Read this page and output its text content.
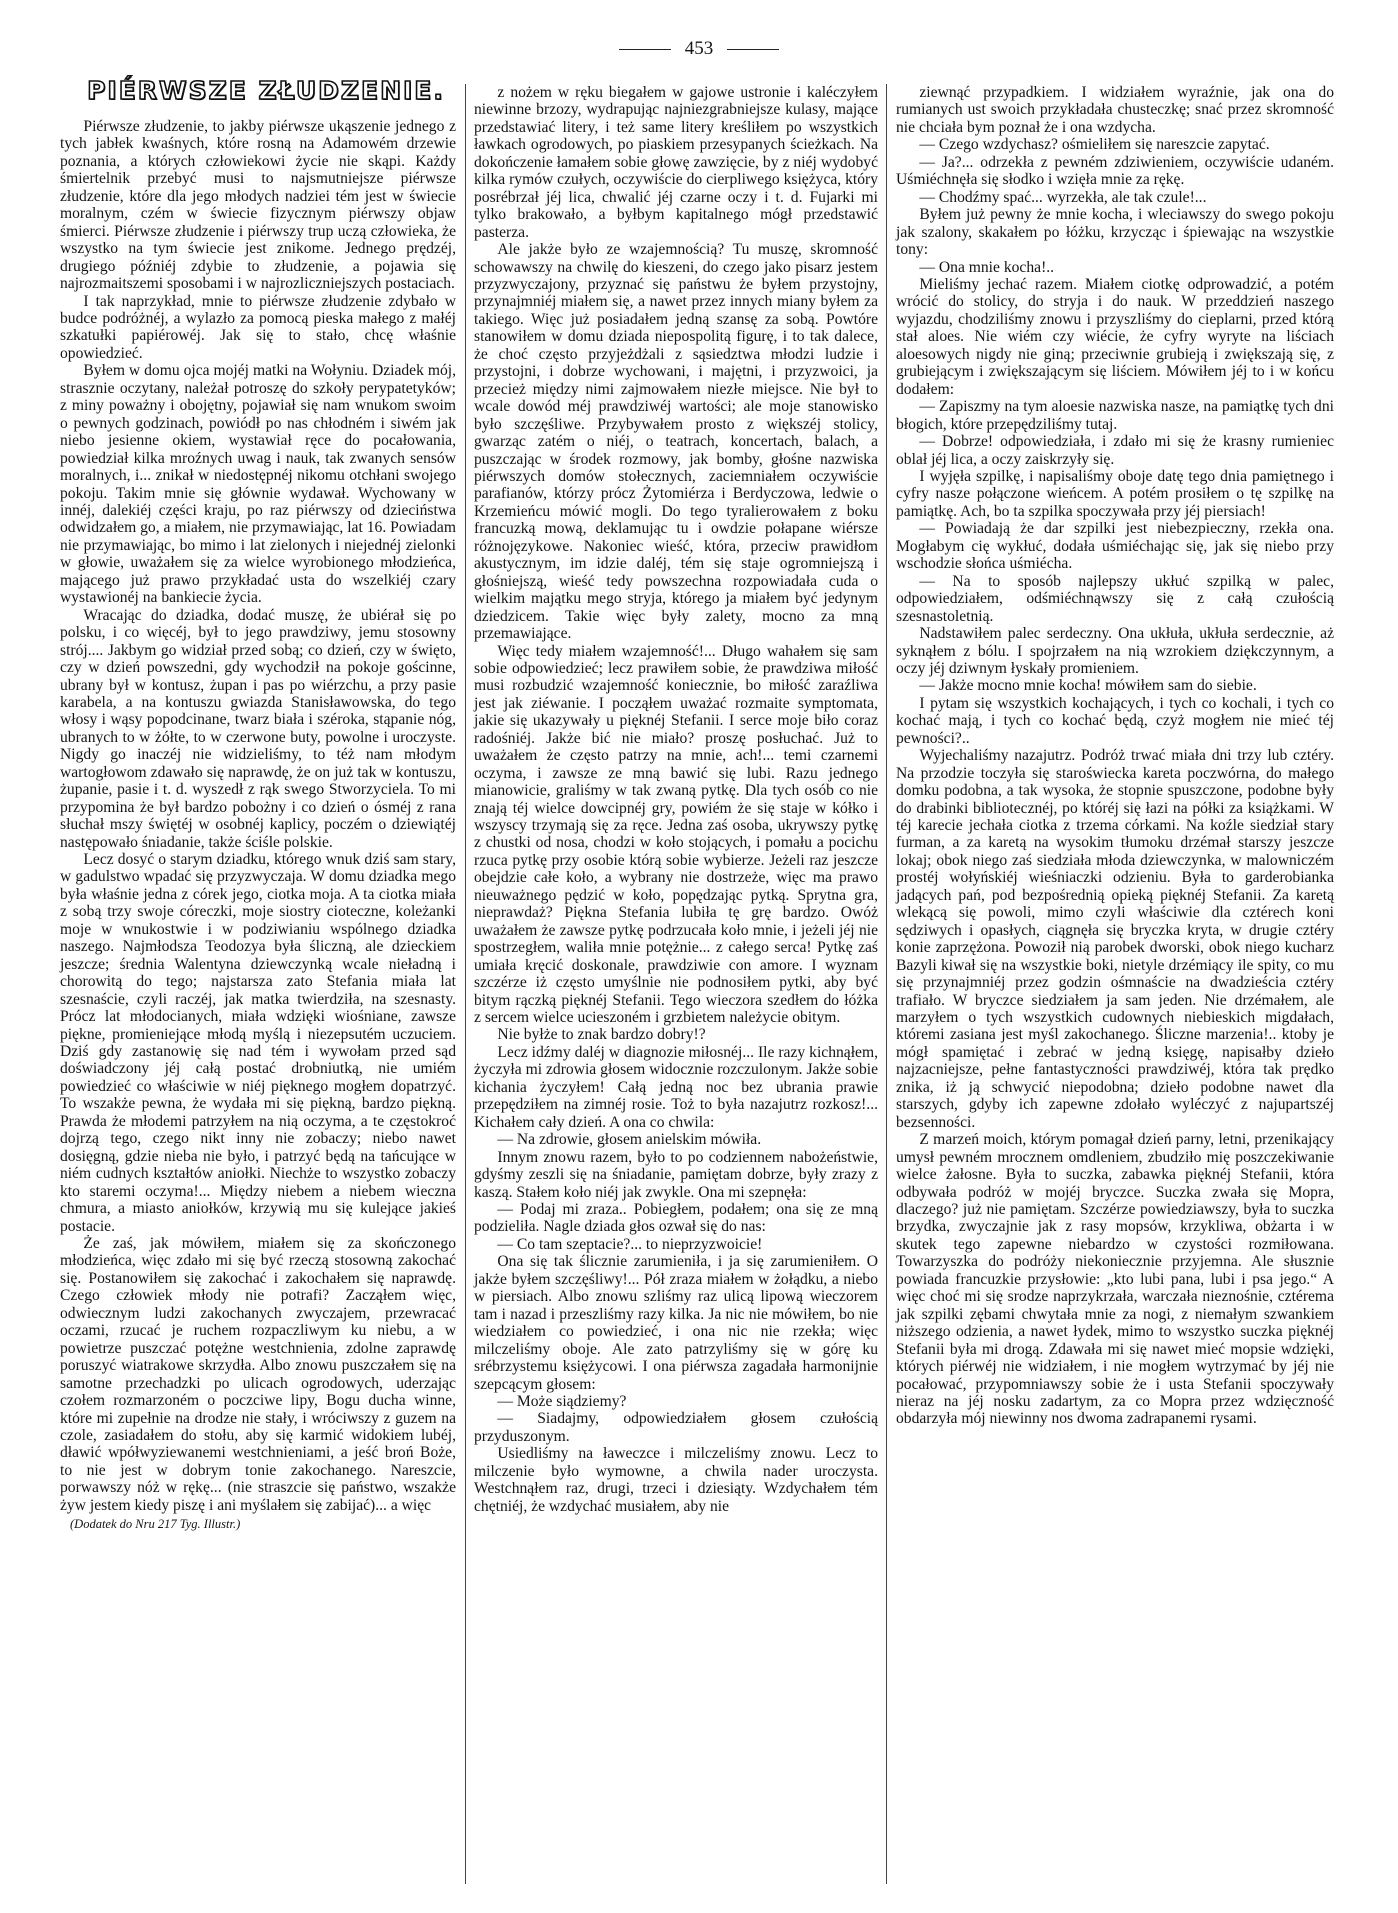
453
PIÉRWSZE ZŁUDZENIE.

Piérwsze złudzenie, to jakby piérwsze ukąszenie jednego z tych jabłek kwaśnych, które rosną na Adamowém drzewie poznania, a których człowiekowi życie nie skąpi. Każdy śmiertelnik przebyć musi to najsmutniejsze piérwsze złudzenie, które dla jego młodych nadziei tém jest w świecie moralnym, czém w świecie fizycznym piérwszy objaw śmierci. Piérwsze złudzenie i piérwszy trup uczą człowieka, że wszystko na tym świecie jest znikome. Jednego prędzéj, drugiego późniéj zdybie to złudzenie, a pojawia się najrozmaitszemi sposobami i w najrozliczniejszych postaciach.

I tak naprzykład, mnie to piérwsze złudzenie zdybało w budce podróżnéj, a wylazło za pomocą pieska małego z małéj szkatułki papiérowéj. Jak się to stało, chcę właśnie opowiedzieć.

Byłem w domu ojca mojéj matki na Wołyniu. Dziadek mój, strasznie oczytany, należał potroszę do szkoły perypatetyków; z miny poważny i obojętny, pojawiał się nam wnukom swoim o pewnych godzinach, powiódł po nas chłodném i siwém jak niebo jesienne okiem, wystawiał ręce do pocałowania, powiedział kilka mroźnych uwag i nauk, tak zwanych sensów moralnych, i... znikał w niedostępnéj nikomu otchłani swojego pokoju. Takim mnie się głównie wydawał. Wychowany w innéj, dalekiéj części kraju, po raz piérwszy od dzieciństwa odwidzałem go, a miałem, nie przymawiając, lat 16. Powiadam nie przymawiając, bo mimo i lat zielonych i niejednéj zielonki w głowie, uważałem się za wielce wyrobionego młodzieńca, mającego już prawo przykładać usta do wszelkiéj czary wystawionéj na bankiecie życia.

Wracając do dziadka, dodać muszę, że ubiérał się po polsku, i co więcéj, był to jego prawdziwy, jemu stosowny strój.... Jakbym go widział przed sobą; co dzień, czy w święto, czy w dzień powszedni, gdy wychodził na pokoje gościnne, ubrany był w kontusz, żupan i pas po wiérzchu, a przy pasie karabela, a na kontuszu gwiazda Stanisławowska, do tego włosy i wąsy popodcinane, twarz biała i széroka, stąpanie nóg, ubranych to w żółte, to w czerwone buty, powolne i uroczyste. Nigdy go inaczéj nie widzieliśmy, to téż nam młodym wartogłowom zdawało się naprawdę, że on już tak w kontuszu, żupanie, pasie i t. d. wyszedł z rąk swego Stworzyciela. To mi przypomina że był bardzo pobożny i co dzień o ósméj z rana słuchał mszy świętéj w osobnéj kaplicy, poczém o dziewiątéj następowało śniadanie, także ściśle polskie.

Lecz dosyć o starym dziadku, którego wnuk dziś sam stary, w gadulstwo wpadać się przyzwyczaja. W domu dziadka mego była właśnie jedna z córek jego, ciotka moja. A ta ciotka miała z sobą trzy swoje córeczki, moje siostry cioteczne, koleżanki moje w wnukostwie i w podziwianiu wspólnego dziadka naszego. Najmłodsza Teodozya była śliczną, ale dzieckiem jeszcze; średnia Walentyna dziewczynką wcale nieładną i chorowitą do tego; najstarsza zato Stefania miała lat szesnaście, czyli raczéj, jak matka twierdziła, na szesnasty. Prócz lat młodocianych, miała wdzięki wiośniane, zawsze piękne, promieniejące młodą myślą i niezepsutém uczuciem. Dziś gdy zastanowię się nad tém i wywołam przed sąd doświadczony jéj całą postać drobniutką, nie umiém powiedzieć co właściwie w niéj pięknego mogłem dopatrzyć. To wszakże pewna, że wydała mi się piękną, bardzo piękną. Prawda że młodemi patrzyłem na nią oczyma, a te częstokroć dojrzą tego, czego nikt inny nie zobaczy; niebo nawet dosięgną, gdzie nieba nie było, i patrzyć będą na tańcujące w niém cudnych kształtów aniołki. Niechże to wszystko zobaczy kto staremi oczyma!... Między niebem a niebem wieczna chmura, a miasto aniołków, krzywią mu się kulejące jakieś postacie.

Że zaś, jak mówiłem, miałem się za skończonego młodzieńca, więc zdało mi się być rzeczą stosowną zakochać się. Postanowiłem się zakochać i zakochałem się naprawdę. Czego człowiek młody nie potrafi? Zacząłem więc, odwiecznym ludzi zakochanych zwyczajem, przewracać oczami, rzucać je ruchem rozpaczliwym ku niebu, a w powietrze puszczać potężne westchnienia, zdolne zaprawdę poruszyć wiatrakowe skrzydła. Albo znowu puszczałem się na samotne przechadzki po ulicach ogrodowych, uderzając czołem rozmarzoném o poczciwe lipy, Bogu ducha winne, które mi zupełnie na drodze nie stały, i wróciwszy z guzem na czole, zasiadałem do stołu, aby się karmić widokiem lubéj, dławić wpółwyziewanemi westchnieniami, a jeść broń Boże, to nie jest w dobrym tonie zakochanego. Nareszcie, porwawszy nóż w rękę... (nie straszcie się państwo, wszakże żyw jestem kiedy piszę i ani myślałem się zabijać)... a więc

(Dodatek do Nru 217 Tyg. Illustr.)

z nożem w ręku biegałem w gajowe ustronie i kaléczyłem niewinne brzozy, wydrapując najniezgrabniejsze kulasy, mające przedstawiać litery, i też same litery kreśliłem po wszystkich ławkach ogrodowych, po piaskiem przesypanych ścieżkach. Na dokończenie łamałem sobie głowę zawzięcie, by z niéj wydobyć kilka rymów czułych, oczywiście do cierpliwego księżyca, który posrébrzał jéj lica, chwalić jéj czarne oczy i t. d. Fujarki mi tylko brakowało, a byłbym kapitalnego mógł przedstawić pasterza.

Ale jakże było ze wzajemnością? Tu muszę, skromność schowawszy na chwilę do kieszeni, do czego jako pisarz jestem przyzwyczajony, przyznać się państwu że byłem przystojny, przynajmniéj miałem się, a nawet przez innych miany byłem za takiego. Więc już posiadałem jedną szansę za sobą. Powtóre stanowiłem w domu dziada niepospolitą figurę, i to tak dalece, że choć często przyjeżdżali z sąsiedztwa młodzi ludzie i przystojni, i dobrze wychowani, i majętni, i przyzwoici, ja przecież między nimi zajmowałem niezłe miejsce. Nie był to wcale dowód méj prawdziwéj wartości; ale moje stanowisko było szczęśliwe. Przybywałem prosto z większéj stolicy, gwarząc zatém o niéj, o teatrach, koncertach, balach, a puszczając w środek rozmowy, jak bomby, głośne nazwiska piérwszych domów stołecznych, zaciemniałem oczywiście parafianów, którzy prócz Żytomiérza i Berdyczowa, ledwie o Krzemieńcu mówić mogli. Do tego tyralierowałem z boku francuzką mową, deklamując tu i owdzie połapane wiérsze różnojęzykowe. Nakoniec wieść, która, przeciw prawidłom akustycznym, im idzie daléj, tém się staje ogromniejszą i głośniejszą, wieść tedy powszechna rozpowiadała cuda o wielkim majątku mego stryja, którego ja miałem być jedynym dziedzicem. Takie więc były zalety, mocno za mną przemawiające.

Więc tedy miałem wzajemność!... Długo wahałem się sam sobie odpowiedzieć; lecz prawiłem sobie, że prawdziwa miłość musi rozbudzić wzajemność koniecznie, bo miłość zaraźliwa jest jak ziéwanie. I począłem uważać rozmaite symptomata, jakie się ukazywały u pięknéj Stefanii. I serce moje biło coraz radośniéj. Jakże bić nie miało? proszę posłuchać. Już to uważałem że często patrzy na mnie, ach!... temi czarnemi oczyma, i zawsze ze mną bawić się lubi. Razu jednego mianowicie, graliśmy w tak zwaną pytkę. Dla tych osób co nie znają téj wielce dowcipnéj gry, powiém że się staje w kółko i wszyscy trzymają się za ręce. Jedna zaś osoba, ukrywszy pytkę z chustki od nosa, chodzi w koło stojących, i pomału a pocichu rzuca pytkę przy osobie którą sobie wybierze. Jeżeli raz jeszcze obejdzie całe koło, a wybrany nie dostrzeże, więc ma prawo nieuważnego pędzić w koło, popędzając pytką. Sprytna gra, nieprawdaż? Piękna Stefania lubiła tę grę bardzo. Owóż uważałem że zawsze pytkę podrzucała koło mnie, i jeżeli jéj nie spostrzegłem, waliła mnie potężnie... z całego serca! Pytkę zaś umiała kręcić doskonale, prawdziwie con amore. I wyznam szczérze iż często umyślnie nie podnosiłem pytki, aby być bitym rączką pięknéj Stefanii. Tego wieczora szedłem do łóżka z sercem wielce ucieszoném i grzbietem należycie obitym.

Nie byłże to znak bardzo dobry!?

Lecz idźmy daléj w diagnozie miłosnéj... Ile razy kichnąłem, życzyła mi zdrowia głosem widocznie rozczulonym. Jakże sobie kichania życzyłem! Całą jedną noc bez ubrania prawie przepędziłem na zimnéj rosie. Toż to była nazajutrz rozkosz!... Kichałem cały dzień. A ona co chwila:

— Na zdrowie, głosem anielskim mówiła.

Innym znowu razem, było to po codziennem nabożeństwie, gdyśmy zeszli się na śniadanie, pamiętam dobrze, były zrazy z kaszą. Stałem koło niéj jak zwykle. Ona mi szepnęła:

— Podaj mi zraza.. Pobiegłem, podałem; ona się ze mną podzieliła. Nagle dziada głos ozwał się do nas:

— Co tam szeptacie?... to nieprzyzwoicie!

Ona się tak ślicznie zarumieniła, i ja się zarumieniłem. O jakże byłem szczęśliwy!... Pół zraza miałem w żołądku, a niebo w piersiach. Albo znowu szliśmy raz ulicą lipową wieczorem tam i nazad i przeszliśmy razy kilka. Ja nic nie mówiłem, bo nie wiedziałem co powiedzieć, i ona nic nie rzekła; więc milczeliśmy oboje. Ale zato patrzyliśmy się w górę ku srébrzystemu księżycowi. I ona piérwsza zagadała harmonijnie szepcącym głosem:

— Może siądziemy?

— Siadajmy, odpowiedziałem głosem czułością przyduszonym.

Usiedliśmy na ławeczce i milczeliśmy znowu. Lecz to milczenie było wymowne, a chwila nader uroczysta. Westchnąłem raz, drugi, trzeci i dziesiąty. Wzdychałem tém chętniéj, że wzdychać musiałem, aby nie

ziewnąć przypadkiem. I widziałem wyraźnie, jak ona do rumianych ust swoich przykładała chusteczkę; snać przez skromność nie chciała bym poznał że i ona wzdycha.

— Czego wzdychasz? ośmieliłem się nareszcie zapytać.

— Ja?... odrzekła z pewném zdziwieniem, oczywiście udaném. Uśmiéchnęła się słodko i wzięła mnie za rękę.

— Chodźmy spać... wyrzekła, ale tak czule!...

Byłem już pewny że mnie kocha, i wleciawszy do swego pokoju jak szalony, skakałem po łóżku, krzycząc i śpiewając na wszystkie tony:

— Ona mnie kocha!..

Mieliśmy jechać razem. Miałem ciotkę odprowadzić, a potém wrócić do stolicy, do stryja i do nauk. W przeddzień naszego wyjazdu, chodziliśmy znowu i przyszliśmy do cieplarni, przed którą stał aloes. Nie wiém czy wiécie, że cyfry wyryte na liściach aloesowych nigdy nie giną; przeciwnie grubieją i zwiększają się, z grubiejącym i zwiększającym się liściem. Mówiłem jéj to i w końcu dodałem:

— Zapiszmy na tym aloesie nazwiska nasze, na pamiątkę tych dni błogich, które przepędziliśmy tutaj.

— Dobrze! odpowiedziała, i zdało mi się że krasny rumieniec oblał jéj lica, a oczy zaiskrzyły się.

I wyjęła szpilkę, i napisaliśmy oboje datę tego dnia pamiętnego i cyfry nasze połączone wieńcem. A potém prosiłem o tę szpilkę na pamiątkę. Ach, bo ta szpilka spoczywała przy jéj piersiach!

— Powiadają że dar szpilki jest niebezpieczny, rzekła ona. Mogłabym cię wykłuć, dodała uśmiéchając się, jak się niebo przy wschodzie słońca uśmiécha.

— Na to sposób najlepszy ukłuć szpilką w palec, odpowiedziałem, odśmiéchnąwszy się z całą czułością szesnastoletnią.

Nadstawiłem palec serdeczny. Ona ukłuła, ukłuła serdecznie, aż syknąłem z bólu. I spojrzałem na nią wzrokiem dziękczynnym, a oczy jéj dziwnym łyskały promieniem.

— Jakże mocno mnie kocha! mówiłem sam do siebie.

I pytam się wszystkich kochających, i tych co kochali, i tych co kochać mają, i tych co kochać będą, czyż mogłem nie mieć téj pewności?..

Wyjechaliśmy nazajutrz. Podróż trwać miała dni trzy lub cztéry. Na przodzie toczyła się staroświecka kareta poczwórna, do małego domku podobna, a tak wysoka, że stopnie spuszczone, podobne były do drabinki bibliotecznéj, po któréj się łazi na półki za książkami. W téj karecie jechała ciotka z trzema córkami. Na koźle siedział stary furman, a za karetą na wysokim tłumoku drzémał starszy jeszcze lokaj; obok niego zaś siedziała młoda dziewczynka, w malowniczém prostéj wołyńskiéj wieśniaczki odzieniu. Była to garderobianka jadących pań, pod bezpośrednią opieką pięknéj Stefanii. Za karetą wlekącą się powoli, mimo czyli właściwie dla cztérech koni sędziwych i opasłych, ciągnęła się bryczka kryta, w drugie cztéry konie zaprzężona. Powoził nią parobek dworski, obok niego kucharz Bazyli kiwał się na wszystkie boki, nietyle drzémiący ile spity, co mu się przynajmniéj przez godzin ośmnaście na dwadzieścia cztéry trafiało. W bryczce siedziałem ja sam jeden. Nie drzémałem, ale marzyłem o tych wszystkich cudownych niebieskich migdałach, któremi zasiana jest myśl zakochanego. Śliczne marzenia!.. ktoby je mógł spamiętać i zebrać w jedną księgę, napisałby dzieło najzacniejsze, pełne fantastyczności prawdziwéj, która tak prędko znika, iż ją schwycić niepodobna; dzieło podobne nawet dla starszych, gdyby ich zapewne zdołało wyléczyć z najupartszéj bezsenności.

Z marzeń moich, którym pomagał dzień parny, letni, przenikający umysł pewném mrocznem omdleniem, zbudziło mię poszczekiwanie wielce żałosne. Była to suczka, zabawka pięknéj Stefanii, która odbywała podróż w mojéj bryczce. Suczka zwała się Mopra, dlaczego? już nie pamiętam. Szczérze powiedziawszy, była to suczka brzydka, zwyczajnie jak z rasy mopsów, krzykliwa, obżarta i w skutek tego zapewne niebardzo w czystości rozmiłowana. Towarzyszka do podróży niekoniecznie przyjemna. Ale słusznie powiada francuzkie przysłowie: „kto lubi pana, lubi i psa jego.“ A więc choć mi się srodze naprzykrzała, warczała nieznośnie, cztérema jak szpilki zębami chwytała mnie za nogi, z niemałym szwankiem niższego odzienia, a nawet łydek, mimo to wszystko suczka pięknéj Stefanii była mi drogą. Zdawała mi się nawet mieć mopsie wdzięki, których piérwéj nie widziałem, i nie mogłem wytrzymać by jéj nie pocałować, przypomniawszy sobie że i usta Stefanii spoczywały nieraz na jéj nosku zadartym, za co Mopra przez wdzięczność obdarzyła mój niewinny nos dwoma zadrapanemi rysami.
